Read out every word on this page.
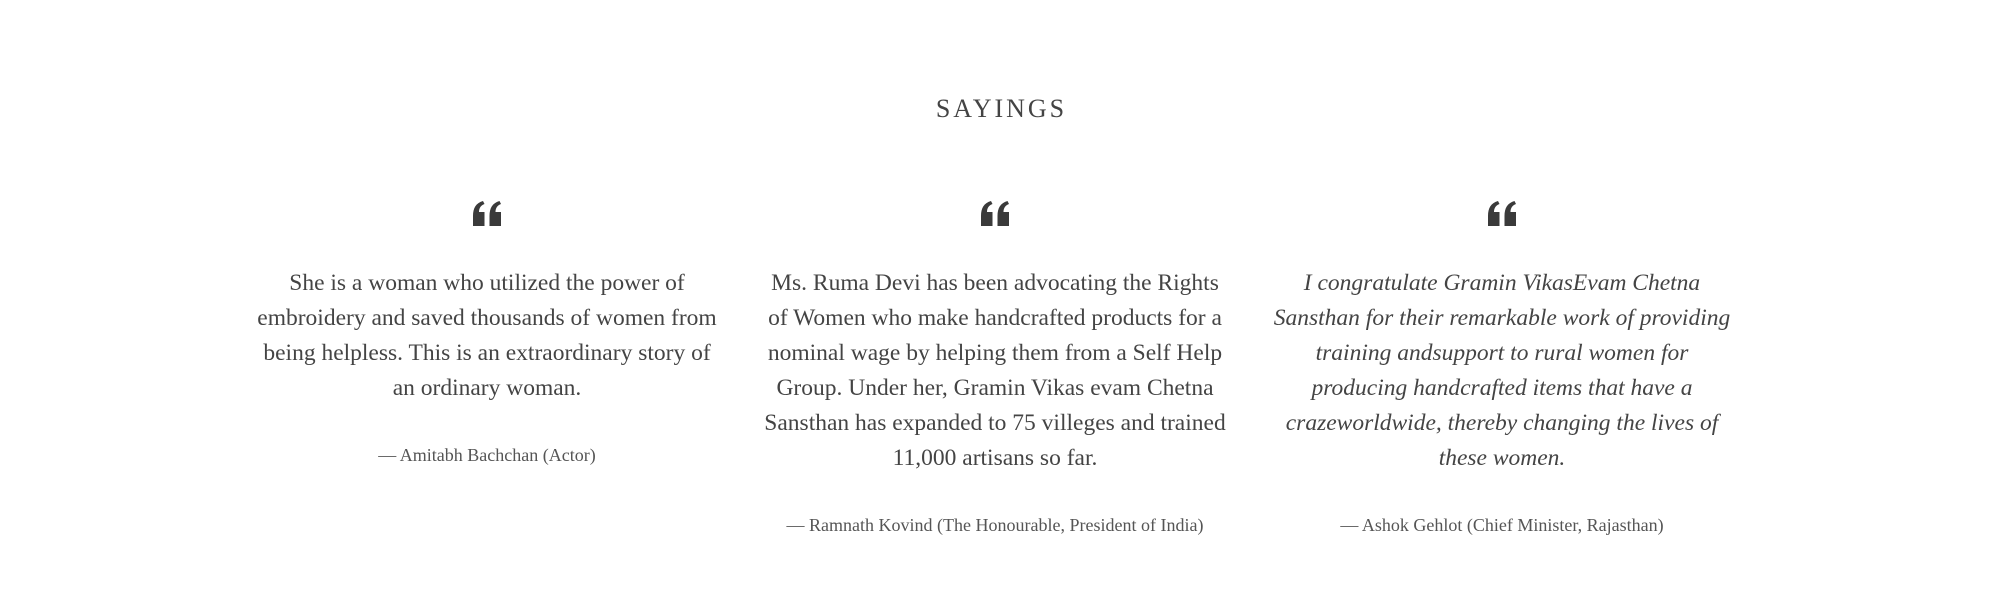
SAYINGS

She is a woman who utilized the power of embroidery and saved thousands of women from being helpless. This is an extraordinary story of an ordinary woman.

— Amitabh Bachchan (Actor)

Ms. Ruma Devi has been advocating the Rights of Women who make handcrafted products for a nominal wage by helping them from a Self Help Group. Under her, Gramin Vikas evam Chetna Sansthan has expanded to 75 villeges and trained 11,000 artisans so far.

— Ramnath Kovind (The Honourable, President of India)

I congratulate Gramin VikasEvam Chetna Sansthan for their remarkable work of providing training andsupport to rural women for producing handcrafted items that have a crazeworldwide, thereby changing the lives of these women.

— Ashok Gehlot (Chief Minister, Rajasthan)
